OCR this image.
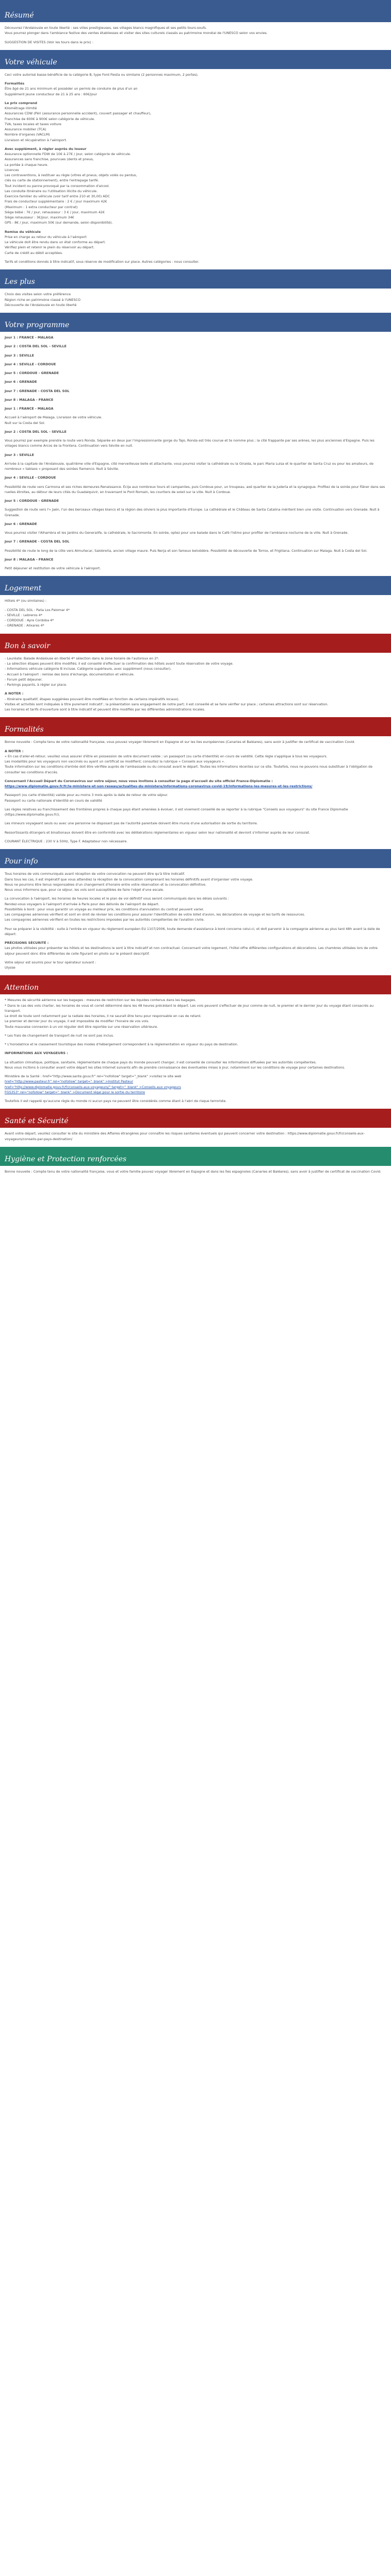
Résumé
Découvrez l'Andalousie en toute liberté : ses villes prestigieuses, ses villages blancs magnifiques et ses petits tours-soufs.
Vous pourrez plonger dans l'ambiance festive des ventes étabilesses et visiter des sites culturels classés au patrimoine mondial de l'UNESCO selon vos envies.
SUGGESTION DE VISITES (Voir les tours dans le prix) :
Votre véhicule
Ceci votre autorisé basse bénéficie de la catégorie B, type Ford Fiesta ou similaire (2 personnes maximum, 2 portes).
Formalités
Être âgé de 21 ans minimum et posséder un permis de conduire de plus d'un an
Supplément jeune conducteur de 21 à 25 ans : 60€/jour
Le prix comprend
Kilométrage illimité
Assurances CDW (Péri (assurance personnelle accident), couvert passager et chauffeur),
Franchise de 600€ à 900€ selon catégorie de véhicule.
TVA, taxes locales et taxes voiture
Assurance mobilier (TCA)
Nombre d'organes (VACLM)
Livraison et récupération à l'aéroport.
Avec supplément, à régler auprès du loueur
Assurance optionnelle FDW de 10€ à 27€ / jour, selon catégorie de véhicule.
Assurances sans franchise, pourvues (dents et pneus,
La portée à chaque heure.
Licences
Les contraventions, à restituer au règle (vitres et pneus, objets volés ou perdus,
clés ou carte de stationnement), entre l'entrepage tarifé.
Tout incident ou panne provoqué par la consommation d'alcool.
Les conduite itinéraire ou l'utilisation illicite du véhicule.
Exercice familier du véhicule (voir tarif entre 210 et 30,00) ADC
Frais de conducteur supplémentaire : 2 € / jour maximum 42€
(Maximum : 1 extra conducteur par contrat)
Siège bébé : 7€ / jour, rehausseur : 3 € / jour, maximum 42€
Siège rehausseur : 3€/jour, maximum 34€
GPS : 8€ / jour, maximum 50€ (sur demande, selon disponibilité).
Remise du véhicule
Prise en charge au retour du véhicule à l'aéroport
Le véhicule doit être rendu dans un état conforme au départ.
Vérifiez plein et retenir le plein du réservoir au départ.
Carte de crédit au débit acceptées.
Tarifs et conditions donnés à titre indicatif, sous réserve de modification sur place. Autres catégories : nous consulter.
Les plus
Choix des visites selon votre préférence
Région riche en patrimoine classé à l'UNESCO
Découverte de l'Andalousie en toute liberté
Votre programme
Jour 1 : FRANCE - MALAGA
Jour 2 : COSTA DEL SOL - SEVILLE
Jour 3 : SEVILLE
Jour 4 : SEVILLE - CORDOUE
Jour 5 : CORDOUE - GRENADE
Jour 6 : GRENADE
Jour 7 : GRENADE - COSTA DEL SOL
Jour 8 : MALAGA - FRANCE
Jour 1 : FRANCE - MALAGA
Accueil à l'aéroport de Malaga. Livraison de votre véhicule.
Nuit sur la Costa del Sol.
Jour 2 : COSTA DEL SOL - SEVILLE
Vous pourrez par exemple prendre la route vers Ronda. Séparée en deux par l'impressionnante gorge du Tajo, Ronda est très courue et te nomme plus ; la cité frappante par ses arènes, les plus anciennes d'Espagne. Puis les villages blancs comme Arcos de la Frontera. Continuation vers Séville en nuit.
Jour 3 : SEVILLE
Arrivée à la capitale de l'Andalousie, quatrième ville d'Espagne, cité merveilleuse belle et attachante, vous pourrez visiter la cathédrale ou la Giralda, le parc Maria Luisa et le quartier de Santa Cruz ou pour les amateurs, de nombreux « tablaos » proposant des soirées flamenco. Nuit à Séville.
Jour 4 : SEVILLE - CORDOUE
Possibilité de route vers Carmona et ses riches demeures Renaissance. Écija aux nombreux tours et campaniles, puis Cordoue pour, un troupeau, axé quartier de la Judería et la synagogue. Profitez de la soirée pour flâner dans ses ruelles étroites, au détour de leurs cités du Guadalquivir, en traversant le Pont Romain, les courtiers de soleil sur la ville. Nuit à Cordoue.
Jour 5 : CORDOUE - GRENADE
Suggestion de route vers l'« Jaén, l'un des berceaux villages blancs et la région des oliviers la plus importante d'Europe. La cathédrale et le Château de Santa Catalina méritent bien une visite. Continuation vers Grenade. Nuit à Grenade.
Jour 6 : GRENADE
Vous pourrez visiter l'Alhambra et les Jardins du Generalife, la cathédrale, le Sacromonte. En soirée, optez pour une balade dans le Café l'Istmo pour profiter de l'ambiance nocturne de la ville. Nuit à Grenade.
Jour 7 : GRENADE - COSTA DEL SOL
Possibilité de route le long de la côte vers Almuñecar, Salobreña, ancien village maure. Puis Nerja et son fameux belvédère. Possibilité de découverte de Torrox, et Frigiliana. Continuation sur Malaga. Nuit à Costa del Sol.
Jour 8 : MALAGA - FRANCE
Petit déjeuner et restitution de votre véhicule à l'aéroport.
Logement
Hôtels 4* (ou similaires) :
- COSTA DEL SOL : Palia Los Palomar 4*
- SEVILLE : Lebreros 4*
- CORDOUE : Ayre Cordoba 4*
- GRENADE : Alixares 4*
Bon à savoir
- Lauréate: Balade Andalouse en liberté 4* sélection dans le zone horaire de l'autoroux en 2*.
- La sélection étapes peuvent être modifiés; il est conseillé d'effectuer la confirmation des hôtels avant toute réservation de votre voyage.
- Informations véhicule catégorie B incluse. Catégorie supérieure, avec supplément (nous consulter).
- Accueil à l'aéroport : remise des bons d'échange, documentation et véhicule.
- Forum petit déjeuner.
- Parkings payants, à régler sur place.
A NOTER :
- Itinéraire qualitatif, étapes suggérées pouvant être modifiées en fonction de certains impératifs locaux).
Visites et activités sont indiquées à titre purement indicatif ; la présentation sans engagement de notre part; il est conseillé et se faire vérifier sur place ; certaines attractions sont sur réservation.
Les horaires et tarifs d'ouverture sont à titre indicatif et peuvent être modifiés par les différentes administrations locales.
Formalités
Bonne nouvelle : Compte tenu de votre nationalité française, vous pouvez voyager librement en Espagne et sur les Iles européennes (Canaries et Baléares), sans avoir à justifier de certificat de vaccination Covid.
A NOTER :
« En cas d'aller-et-retour, veuillez vous assurer d'être en possession de votre document valide ; un passeport (ou carte d'identité) en cours de validité. Cette règle s'applique à tous les voyageurs.
Les modalités pour les voyageurs non vaccinés ou ayant un certificat se modifient; consultez la rubrique « Conseils aux voyageurs ».
Toute information sur les conditions d'entrée doit être vérifiée auprès de l'ambassade ou du consulat avant le départ. Toutes les informations récentes sur ce site. Toutefois, nous ne pouvons nous substituer à l'obligation de consulter les conditions d'accès.
Concernant l'Accueil Départ du Coronavirus sur votre séjour, nous vous invitons à consulter la page d'accueil du site officiel France-Diplomatie :
https://www.diplomatie.gouv.fr/fr/le-ministere-et-son-reseau/actualites-du-ministere/informations-coronavirus-covid-19/informations-les-mesures-et-les-restrictions/
Passeport (ou carte d'identité) valide pour au moins 3 mois après la date de retour de votre séjour.
Passeport ou carte nationale d'identité en cours de validité
Les règles relatives au franchissement des frontières propres à chaque pays étant amenées à évoluer, il est vivement conseillé de se reporter à la rubrique "Conseils aux voyageurs" du site France Diplomatie (https://www.diplomatie.gouv.fr/).
Les mineurs voyageant seuls ou avec une personne ne disposant pas de l'autorité parentale doivent être munis d'une autorisation de sortie du territoire.
Ressortissants étrangers et binationaux doivent être en conformité avec les délibérations réglementaires en vigueur selon leur nationalité et devront s'informer auprès de leur consulat.
COURANT ÉLECTRIQUE : 230 V à 50Hz, Type F. Adaptateur non nécessaire.
Pour info
Tous horaires de vols communiqués avant réception de votre convocation ne peuvent être qu'à titre indicatif.
Dans tous les cas, il est impératif que vous attendiez la réception de la convocation comprenant les horaires définitifs avant d'organiser votre voyage.
Nous ne pourrons être tenus responsables d'un changement d'horaire entre votre réservation et la convocation définitive.
Nous vous informons que, pour ce séjour, les vols sont susceptibles de faire l'objet d'une escale.
La convocation à l'aéroport, les horaires de heures locales et le plan de vol définitif vous seront communiqués dans les délais suivants :
Rendez-vous voyagers à l'aéroport d'arrivée à Paris pour des délivrés de l'aéroport de départ.
Possibilités à bord : pour vous garantir un voyage au meilleur prix, les conditions d'annulation du contrat peuvent varier.
Les compagnies aériennes vérifient et sont en droit de réviser les conditions pour assurer l'identification de votre billet d'avion, les déclarations de voyage et les tarifs de ressources.
Les compagnies aériennes vérifient en toutes les restrictions imposées par les autorités compétentes de l'aviation civile.
Pour se préparer à la visibilité : suite à l'entrée en vigueur du règlement européen EU 1107/2006, toute demande d'assistance à bord concerne celui-ci, et doit parvenir à la compagnie aérienne au plus tard 48h avant la date de départ.
PRÉCISIONS SÉCURITÉ :
Les photos utilisées pour présenter les hôtels et les destinations le sont à titre indicatif et non contractuel. Concernant votre logement, l'hôtel offre différentes configurations et décorations. Les chambres utilisées lors de votre séjour peuvent donc être différentes de celle figurant en photo sur le présent descriptif.
Votre séjour est soumis pour le tour opérateur suivant :
Ulysse
Attention
* Mesures de sécurité aérienne sur les bagages : mesures de restriction sur les liquides contenus dans les bagages.
* Dans le cas des vols charter, les horaires de vous et corret déterminé dans les 48 heures précédant le départ. Les vols peuvent s'effectuer de jour comme de nuit, le premier et le dernier jour du voyage étant consacrés au transport.
Le droit de toute sont notamment par la radiale des horaires, il ne saurait être tenu pour responsable en cas de retard.
Le premier et dernier jour du voyage, il est impossible de modifier l'horaire de vos vols.
Toute mauvaise connexion à un vol régulier doit être reportée sur une réservation ultérieure.
* Les frais de changement de transport de nuit ne sont pas inclus.
* L'horodatrice et le classement touristique des modes d'hébergement correspondent à la réglementation en vigueur du pays de destination.
INFORMATIONS AUX VOYAGEURS :
La situation climatique, politique, sanitaire, réglementaire de chaque pays du monde pouvant changer, il est conseillé de consulter les informations diffusées par les autorités compétentes.
Nous vous incitons à consulter avant votre départ les sites Internet suivants afin de prendre connaissance des éventuelles mises à jour, notamment sur les conditions de voyage pour certaines destinations.
Ministère de la Santé : href="http://www.sante.gouv.fr" rel="nofollow" target="_blank" >visitez le site web
href="http://www.pasteur.fr" rel="nofollow" target="_blank" >Institut Pasteur
href="http://www.diplomatie.gouv.fr/fr/conseils-aux-voyageurs/" target="_blank" >Conseils aux voyageurs
FGS353" rel="nofollow" target="_blank" >Document légal pour le sortie du territoire
Toutefois il est rappelé qu'aucune règle du monde ni aucun pays ne peuvent être considérés comme étant à l'abri de risque terroriste.
Santé et Sécurité
Avant votre départ, veuillez consulter le site du ministère des Affaires étrangères pour connaître les risques sanitaires éventuels qui peuvent concerner votre destination : https://www.diplomatie.gouv.fr/fr/conseils-aux-voyageurs/conseils-par-pays-destination/
Hygiène et Protection renforcées
Bonne nouvelle : Compte tenu de votre nationalité française, vous et votre famille pouvez voyager librement en Espagne et dans les îles espagnoles (Canaries et Baléares), sans avoir à justifier de certificat de vaccination Covid.
